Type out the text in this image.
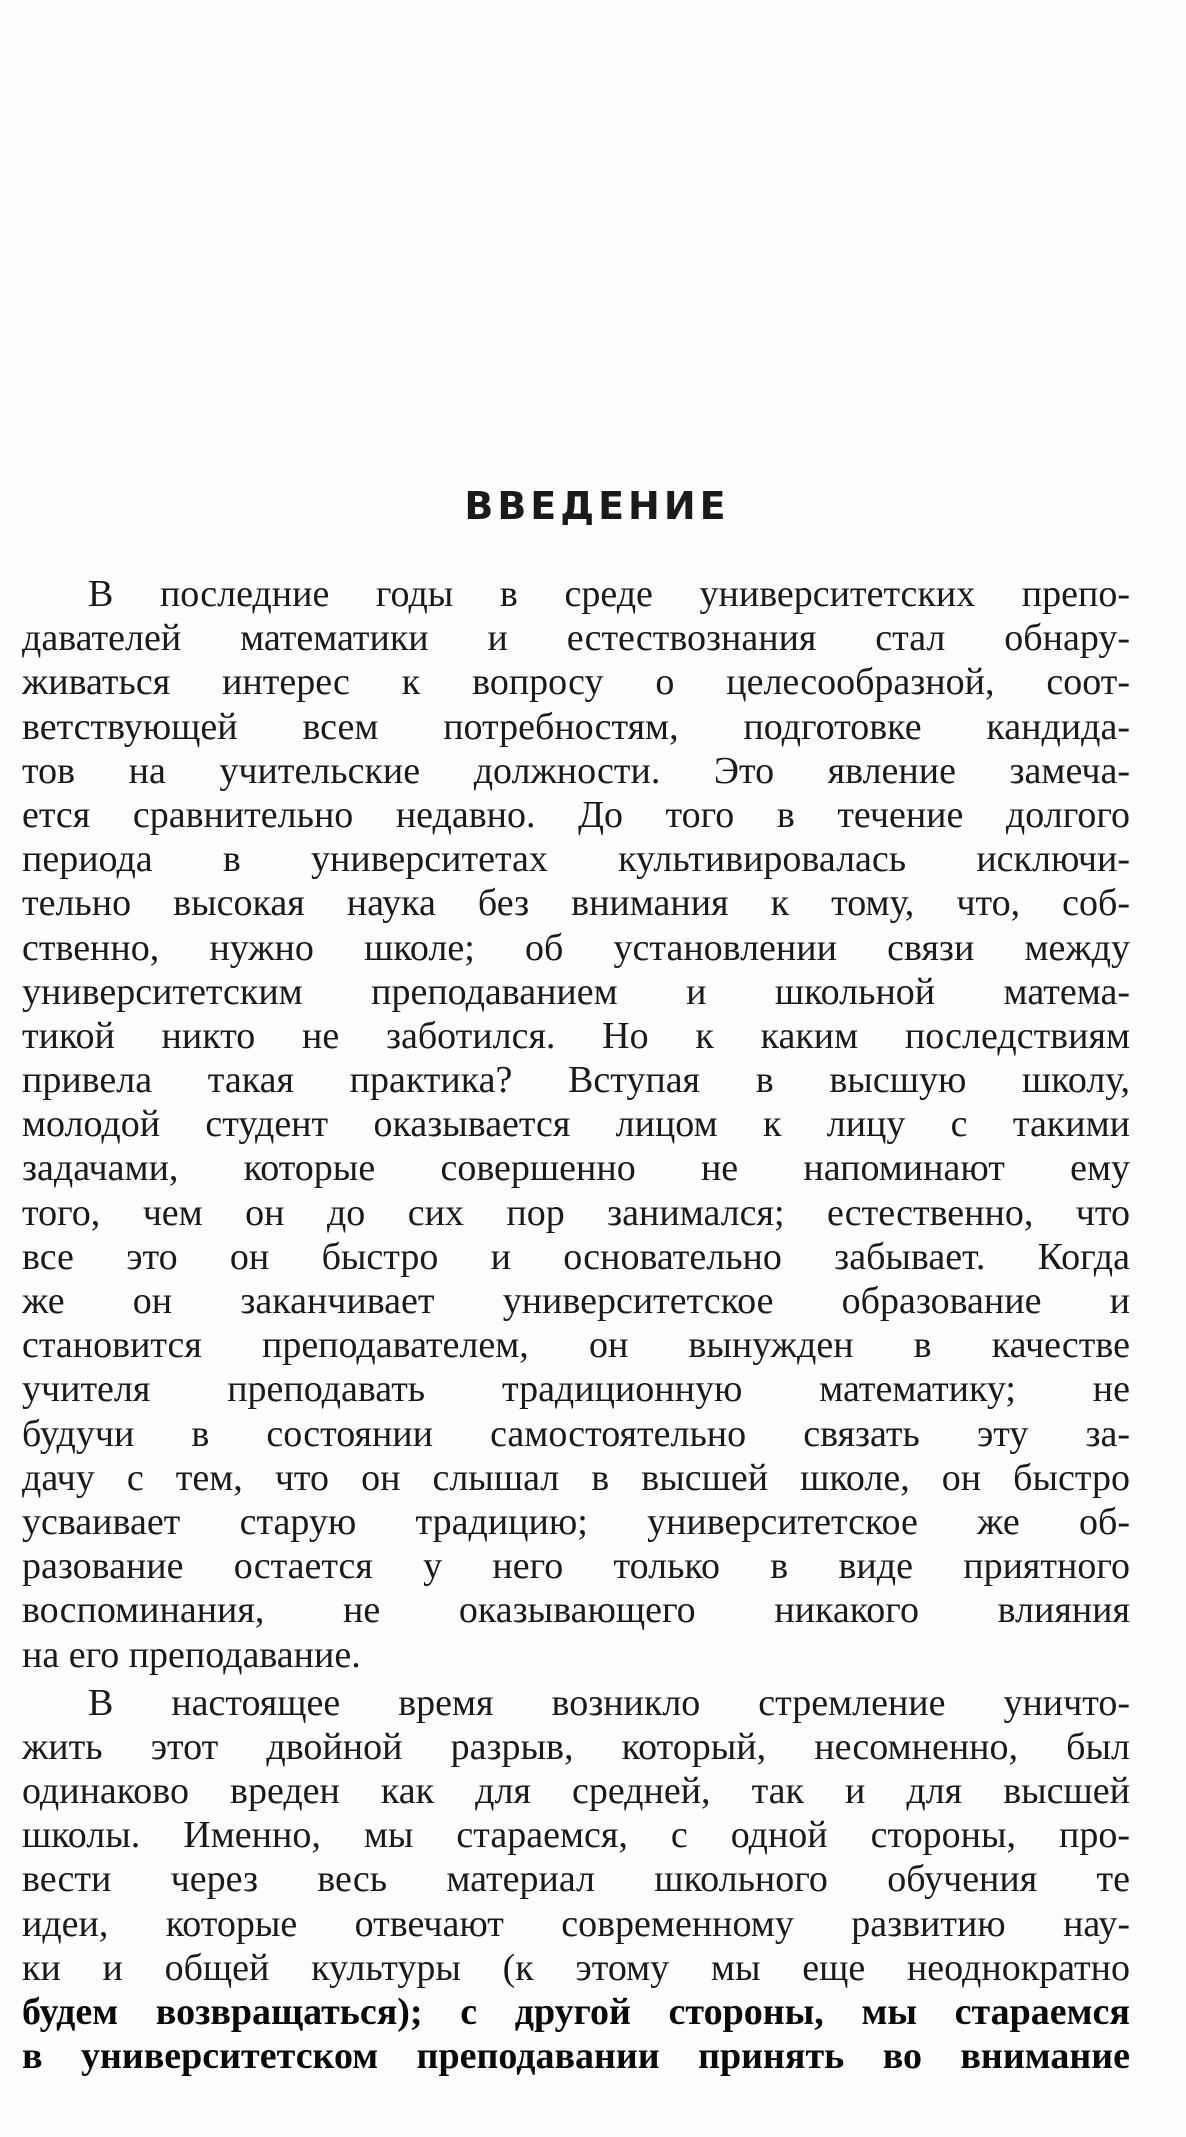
ВВЕДЕНИЕ
В последние годы в среде университетских препо-
давателей математики и естествознания стал обнару-
живаться интерес к вопросу о целесообразной, соот-
ветствующей всем потребностям, подготовке кандида-
тов на учительские должности. Это явление замеча-
ется сравнительно недавно. До того в течение долгого
периода в университетах культивировалась исключи-
тельно высокая наука без внимания к тому, что, соб-
ственно, нужно школе; об установлении связи между
университетским преподаванием и школьной матема-
тикой никто не заботился. Но к каким последствиям
привела такая практика? Вступая в высшую школу,
молодой студент оказывается лицом к лицу с такими
задачами, которые совершенно не напоминают ему
того, чем он до сих пор занимался; естественно, что
все это он быстро и основательно забывает. Когда
же он заканчивает университетское образование и
становится преподавателем, он вынужден в качестве
учителя преподавать традиционную математику; не
будучи в состоянии самостоятельно связать эту за-
дачу с тем, что он слышал в высшей школе, он быстро
усваивает старую традицию; университетское же об-
разование остается у него только в виде приятного
воспоминания, не оказывающего никакого влияния
на его преподавание.
В настоящее время возникло стремление уничто-
жить этот двойной разрыв, который, несомненно, был
одинаково вреден как для средней, так и для высшей
школы. Именно, мы стараемся, с одной стороны, про-
вести через весь материал школьного обучения те
идеи, которые отвечают современному развитию нау-
ки и общей культуры (к этому мы еще неоднократно
будем возвращаться); с другой стороны, мы стараемся
в университетском преподавании принять во внимание
